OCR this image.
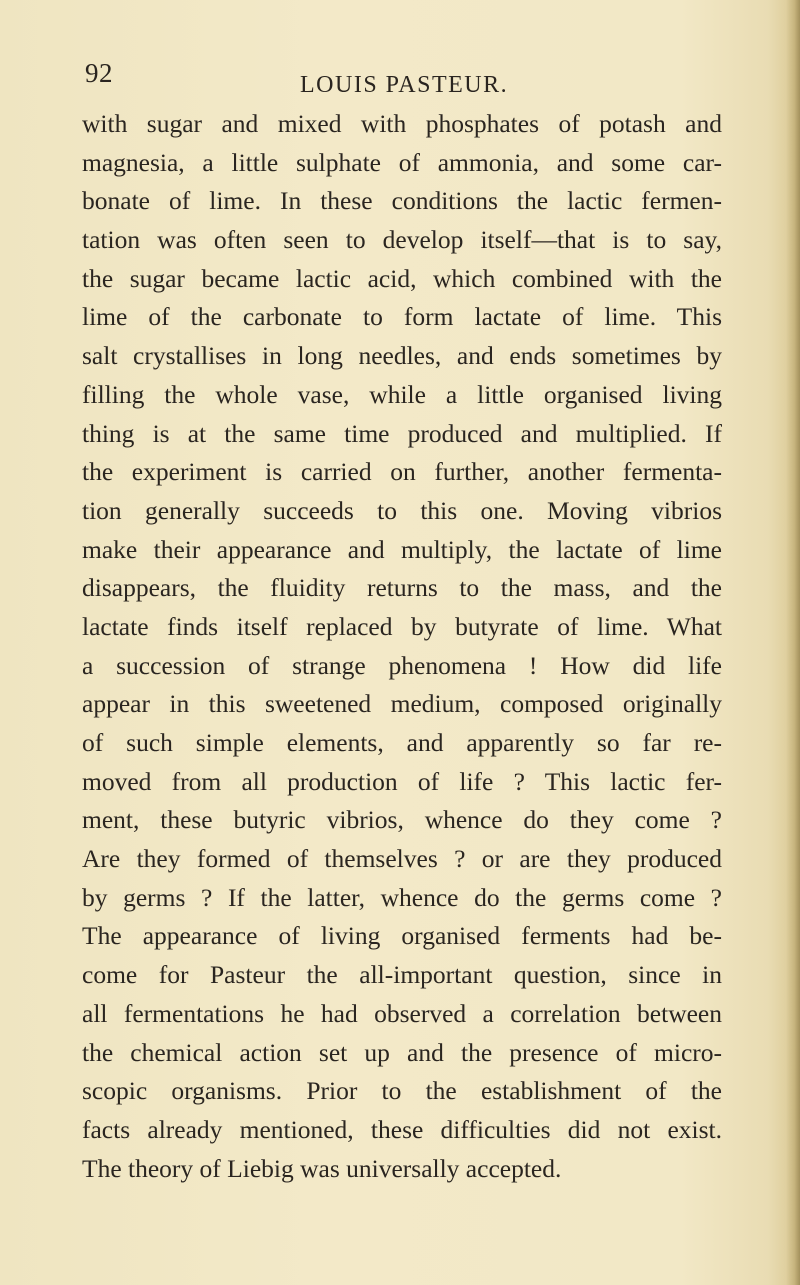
92	LOUIS PASTEUR.
with sugar and mixed with phosphates of potash and
magnesia, a little sulphate of ammonia, and some car-
bonate of lime. In these conditions the lactic fermen-
tation was often seen to develop itself—that is to say,
the sugar became lactic acid, which combined with the
lime of the carbonate to form lactate of lime. This
salt crystallises in long needles, and ends sometimes by
filling the whole vase, while a little organised living
thing is at the same time produced and multiplied. If
the experiment is carried on further, another fermenta-
tion generally succeeds to this one. Moving vibrios
make their appearance and multiply, the lactate of lime
disappears, the fluidity returns to the mass, and the
lactate finds itself replaced by butyrate of lime. What
a succession of strange phenomena ! How did life
appear in this sweetened medium, composed originally
of such simple elements, and apparently so far re-
moved from all production of life ? This lactic fer-
ment, these butyric vibrios, whence do they come ?
Are they formed of themselves ? or are they produced
by germs ? If the latter, whence do the germs come ?
The appearance of living organised ferments had be-
come for Pasteur the all-important question, since in
all fermentations he had observed a correlation between
the chemical action set up and the presence of micro-
scopic organisms. Prior to the establishment of the
facts already mentioned, these difficulties did not exist.
The theory of Liebig was universally accepted.
